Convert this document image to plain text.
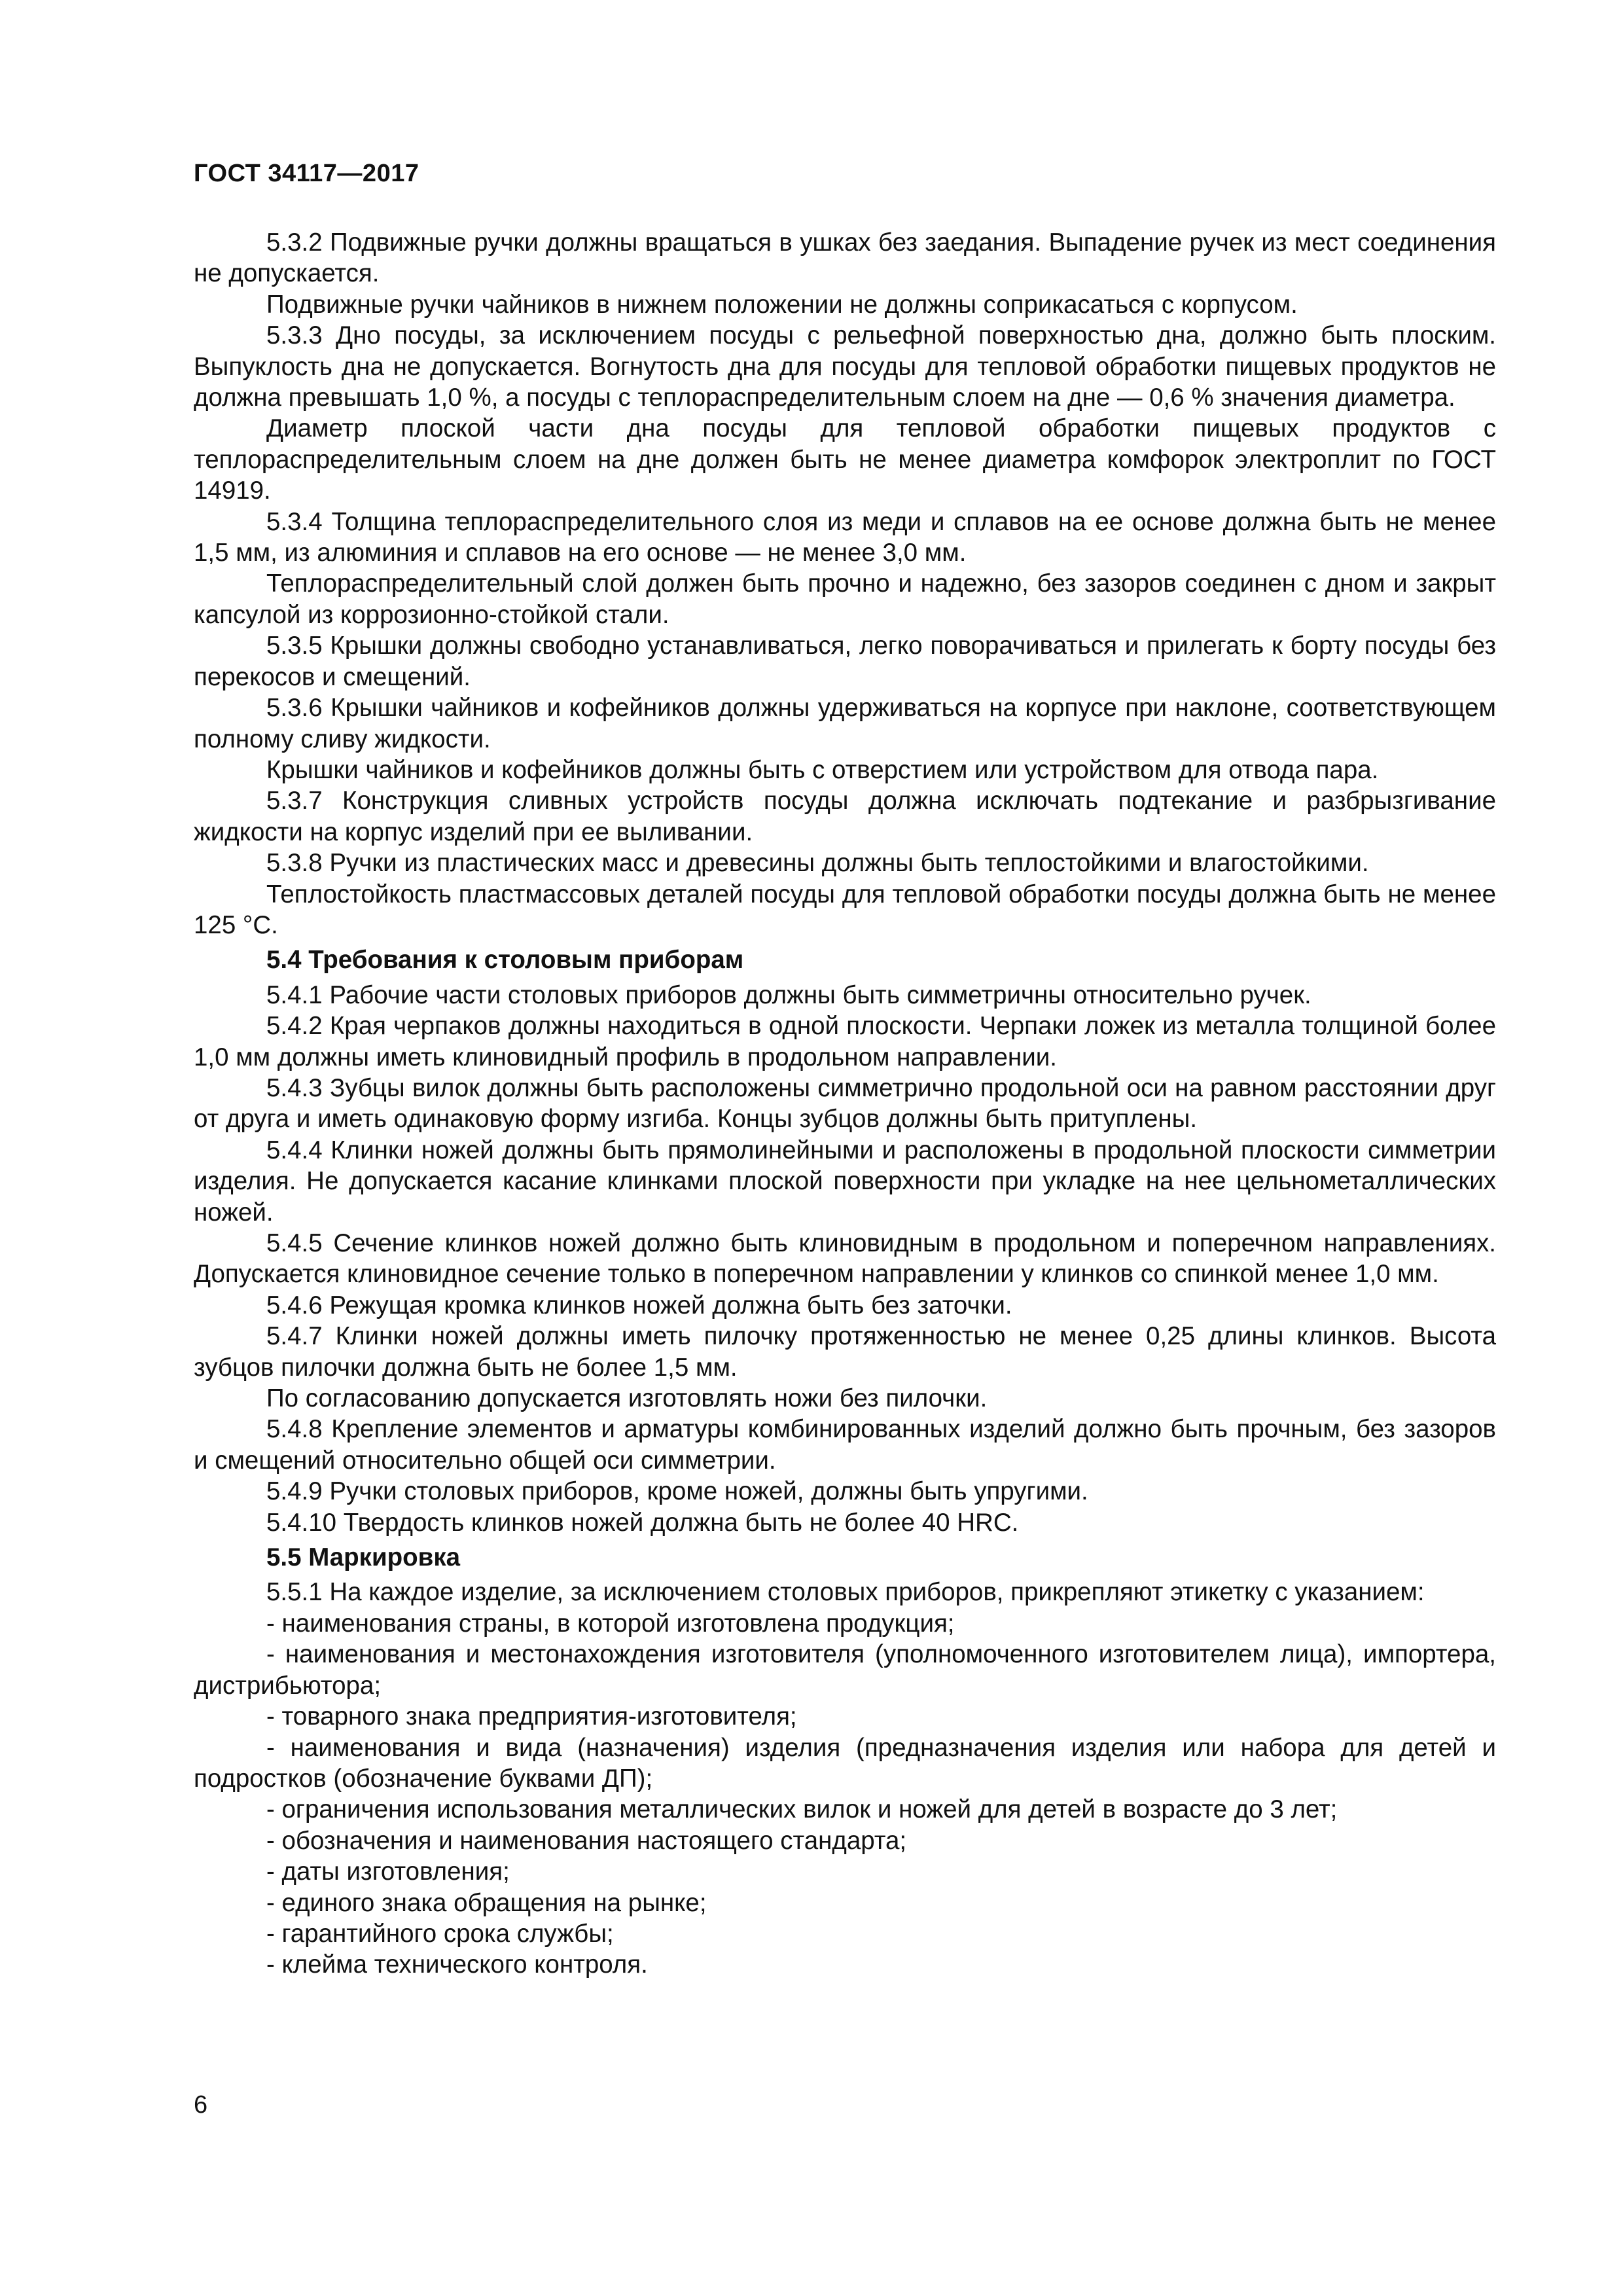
ГОСТ 34117—2017

5.3.2 Подвижные ручки должны вращаться в ушках без заедания. Выпадение ручек из мест соединения не допускается.

Подвижные ручки чайников в нижнем положении не должны соприкасаться с корпусом.

5.3.3 Дно посуды, за исключением посуды с рельефной поверхностью дна, должно быть плоским. Выпуклость дна не допускается. Вогнутость дна для посуды для тепловой обработки пищевых продуктов не должна превышать 1,0 %, а посуды с теплораспределительным слоем на дне — 0,6 % значения диаметра.

Диаметр плоской части дна посуды для тепловой обработки пищевых продуктов с теплораспределительным слоем на дне должен быть не менее диаметра комфорок электроплит по ГОСТ 14919.

5.3.4 Толщина теплораспределительного слоя из меди и сплавов на ее основе должна быть не менее 1,5 мм, из алюминия и сплавов на его основе — не менее 3,0 мм.

Теплораспределительный слой должен быть прочно и надежно, без зазоров соединен с дном и закрыт капсулой из коррозионно-стойкой стали.

5.3.5 Крышки должны свободно устанавливаться, легко поворачиваться и прилегать к борту посуды без перекосов и смещений.

5.3.6 Крышки чайников и кофейников должны удерживаться на корпусе при наклоне, соответствующем полному сливу жидкости.

Крышки чайников и кофейников должны быть с отверстием или устройством для отвода пара.

5.3.7 Конструкция сливных устройств посуды должна исключать подтекание и разбрызгивание жидкости на корпус изделий при ее выливании.

5.3.8 Ручки из пластических масс и древесины должны быть теплостойкими и влагостойкими.

Теплостойкость пластмассовых деталей посуды для тепловой обработки посуды должна быть не менее 125 °С.

5.4 Требования к столовым приборам

5.4.1 Рабочие части столовых приборов должны быть симметричны относительно ручек.

5.4.2 Края черпаков должны находиться в одной плоскости. Черпаки ложек из металла толщиной более 1,0 мм должны иметь клиновидный профиль в продольном направлении.

5.4.3 Зубцы вилок должны быть расположены симметрично продольной оси на равном расстоянии друг от друга и иметь одинаковую форму изгиба. Концы зубцов должны быть притуплены.

5.4.4 Клинки ножей должны быть прямолинейными и расположены в продольной плоскости симметрии изделия. Не допускается касание клинками плоской поверхности при укладке на нее цельнометаллических ножей.

5.4.5 Сечение клинков ножей должно быть клиновидным в продольном и поперечном направлениях. Допускается клиновидное сечение только в поперечном направлении у клинков со спинкой менее 1,0 мм.

5.4.6 Режущая кромка клинков ножей должна быть без заточки.

5.4.7 Клинки ножей должны иметь пилочку протяженностью не менее 0,25 длины клинков. Высота зубцов пилочки должна быть не более 1,5 мм.

По согласованию допускается изготовлять ножи без пилочки.

5.4.8 Крепление элементов и арматуры комбинированных изделий должно быть прочным, без зазоров и смещений относительно общей оси симметрии.

5.4.9 Ручки столовых приборов, кроме ножей, должны быть упругими.

5.4.10 Твердость клинков ножей должна быть не более 40 HRC.

5.5 Маркировка

5.5.1 На каждое изделие, за исключением столовых приборов, прикрепляют этикетку с указанием:

- наименования страны, в которой изготовлена продукция;

- наименования и местонахождения изготовителя (уполномоченного изготовителем лица), импортера, дистрибьютора;

- товарного знака предприятия-изготовителя;

- наименования и вида (назначения) изделия (предназначения изделия или набора для детей и подростков (обозначение буквами ДП);

- ограничения использования металлических вилок и ножей для детей в возрасте до 3 лет;

- обозначения и наименования настоящего стандарта;

- даты изготовления;

- единого знака обращения на рынке;

- гарантийного срока службы;

- клейма технического контроля.

6
